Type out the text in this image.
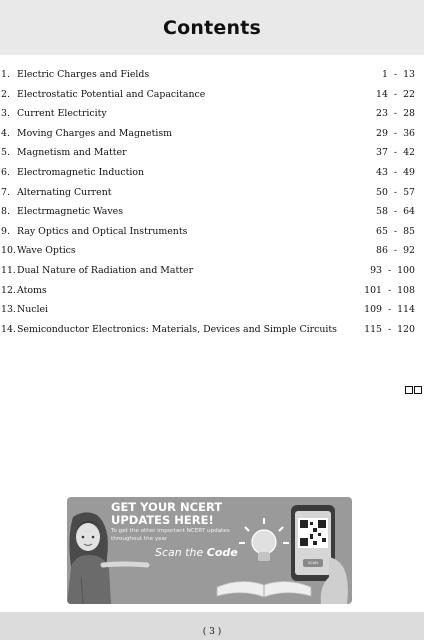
Contents
1. Electric Charges and Fields	1  -  13
2. Electrostatic Potential and Capacitance	14  -  22
3. Current Electricity	23  -  28
4. Moving Charges and Magnetism	29  -  36
5. Magnetism and Matter	37  -  42
6. Electromagnetic Induction	43  -  49
7. Alternating Current	50  -  57
8. Electrmagnetic Waves	58  -  64
9. Ray Optics and Optical Instruments	65  -  85
10. Wave Optics	86  -  92
11. Dual Nature of Radiation and Matter	93  -  100
12. Atoms	101  -  108
13. Nuclei	109  -  114
14. Semiconductor Electronics: Materials, Devices and Simple Circuits	115  -  120
GET YOUR NCERT
UPDATES HERE!
To get the other important NCERT updates throughout the year
Scan the Code
SCAN
( 3 )
